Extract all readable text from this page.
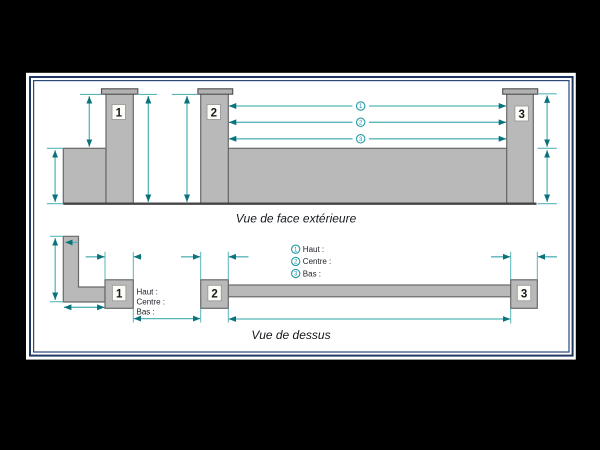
1	2	3
1
2
3
Vue de face extérieure
1	2	3
Haut :
Centre :
Bas :
1 Haut :
2 Centre :
3 Bas :
Vue de dessus
